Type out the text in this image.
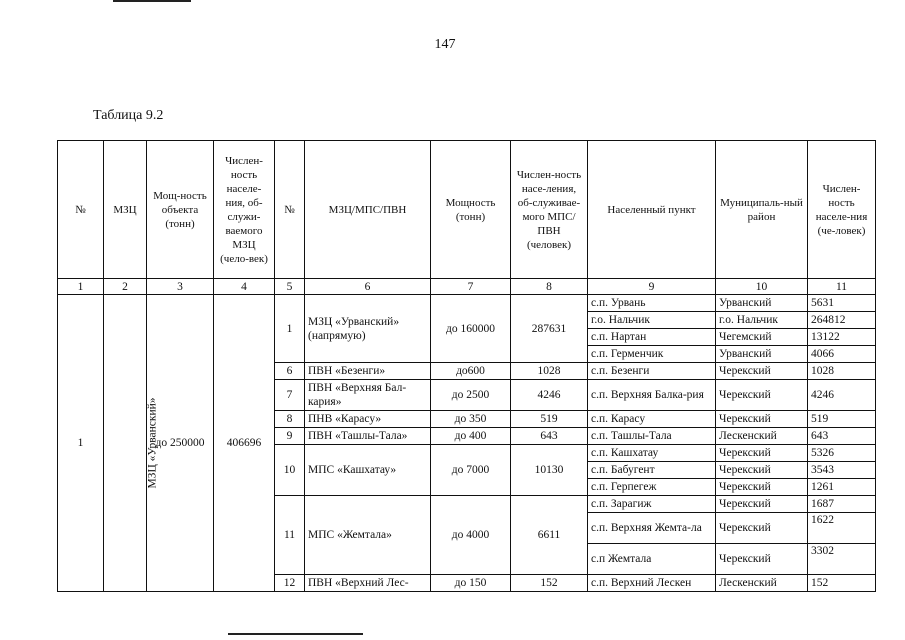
147
Таблица 9.2
№	МЗЦ	Мощ-ность объекта (тонн)	Числен-ность населе-ния, об-служи-ваемого МЗЦ (чело-век)	№	МЗЦ/МПС/ПВН	Мощность (тонн)	Числен-ность насе-ления, об-служивае-мого МПС/ПВН (человек)	Населенный пункт	Муниципаль-ный район	Числен-ность населе-ния (че-ловек)
1	2	3	4	5	6	7	8	9	10	11
1	МЗЦ «Урванский»	до 250000	406696	1	МЗЦ «Урванский» (напрямую)	до 160000	287631	с.п. Урвань	Урванский	5631
								г.о. Нальчик	г.о. Нальчик	264812
								с.п. Нартан	Чегемский	13122
								с.п. Герменчик	Урванский	4066
				6	ПВН «Безенги»	до600	1028	с.п. Безенги	Черекский	1028
				7	ПВН «Верхняя Бал-кария»	до 2500	4246	с.п. Верхняя Балка-рия	Черекский	4246
				8	ПНВ «Карасу»	до 350	519	с.п. Карасу	Черекский	519
				9	ПВН «Ташлы-Тала»	до 400	643	с.п. Ташлы-Тала	Лескенский	643
				10	МПС «Кашхатау»	до 7000	10130	с.п. Кашхатау	Черекский	5326
								с.п. Бабугент	Черекский	3543
								с.п. Герпегеж	Черекский	1261
				11	МПС «Жемтала»	до 4000	6611	с.п. Зарагиж	Черекский	1687
								с.п. Верхняя Жемта-ла	Черекский	1622
								с.п Жемтала	Черекский	3302
				12	ПВН «Верхний Лес-	до 150	152	с.п. Верхний Лескен	Лескенский	152
